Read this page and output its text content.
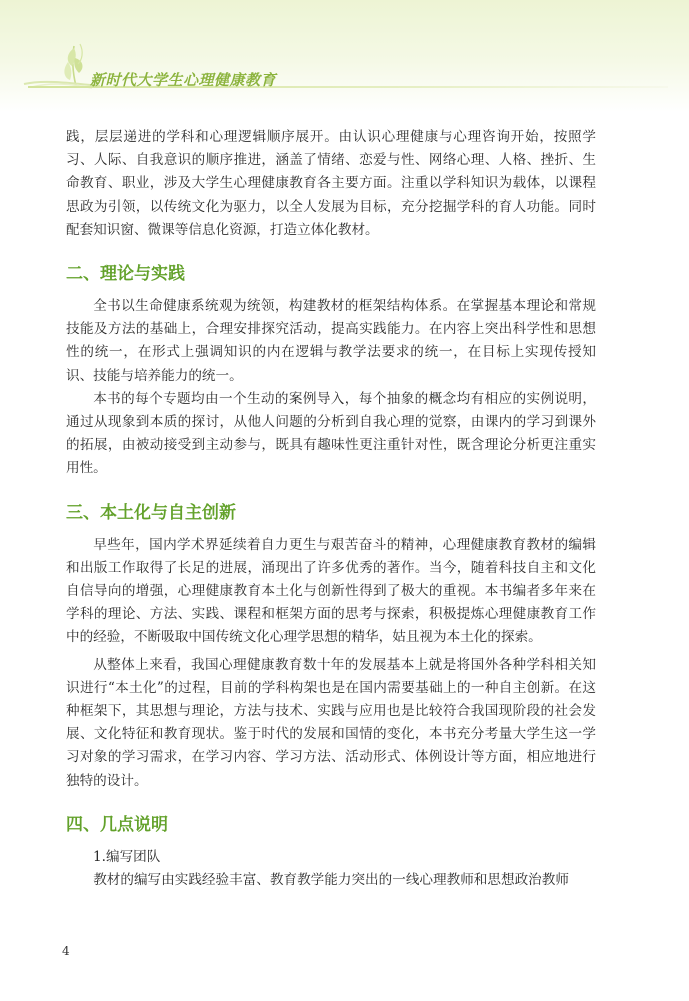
新时代大学生心理健康教育

践，层层递进的学科和心理逻辑顺序展开。由认识心理健康与心理咨询开始，按照学习、人际、自我意识的顺序推进，涵盖了情绪、恋爱与性、网络心理、人格、挫折、生命教育、职业，涉及大学生心理健康教育各主要方面。注重以学科知识为载体，以课程思政为引领，以传统文化为驱力，以全人发展为目标，充分挖掘学科的育人功能。同时配套知识窗、微课等信息化资源，打造立体化教材。

二、理论与实践

全书以生命健康系统观为统领，构建教材的框架结构体系。在掌握基本理论和常规技能及方法的基础上，合理安排探究活动，提高实践能力。在内容上突出科学性和思想性的统一，在形式上强调知识的内在逻辑与教学法要求的统一，在目标上实现传授知识、技能与培养能力的统一。

本书的每个专题均由一个生动的案例导入，每个抽象的概念均有相应的实例说明，通过从现象到本质的探讨，从他人问题的分析到自我心理的觉察，由课内的学习到课外的拓展，由被动接受到主动参与，既具有趣味性更注重针对性，既含理论分析更注重实用性。

三、本土化与自主创新

早些年，国内学术界延续着自力更生与艰苦奋斗的精神，心理健康教育教材的编辑和出版工作取得了长足的进展，涌现出了许多优秀的著作。当今，随着科技自主和文化自信导向的增强，心理健康教育本土化与创新性得到了极大的重视。本书编者多年来在学科的理论、方法、实践、课程和框架方面的思考与探索，积极提炼心理健康教育工作中的经验，不断吸取中国传统文化心理学思想的精华，姑且视为本土化的探索。

从整体上来看，我国心理健康教育数十年的发展基本上就是将国外各种学科相关知识进行“本土化”的过程，目前的学科构架也是在国内需要基础上的一种自主创新。在这种框架下，其思想与理论，方法与技术、实践与应用也是比较符合我国现阶段的社会发展、文化特征和教育现状。鉴于时代的发展和国情的变化，本书充分考量大学生这一学习对象的学习需求，在学习内容、学习方法、活动形式、体例设计等方面，相应地进行独特的设计。

四、几点说明
1.编写团队

教材的编写由实践经验丰富、教育教学能力突出的一线心理教师和思想政治教师

4
